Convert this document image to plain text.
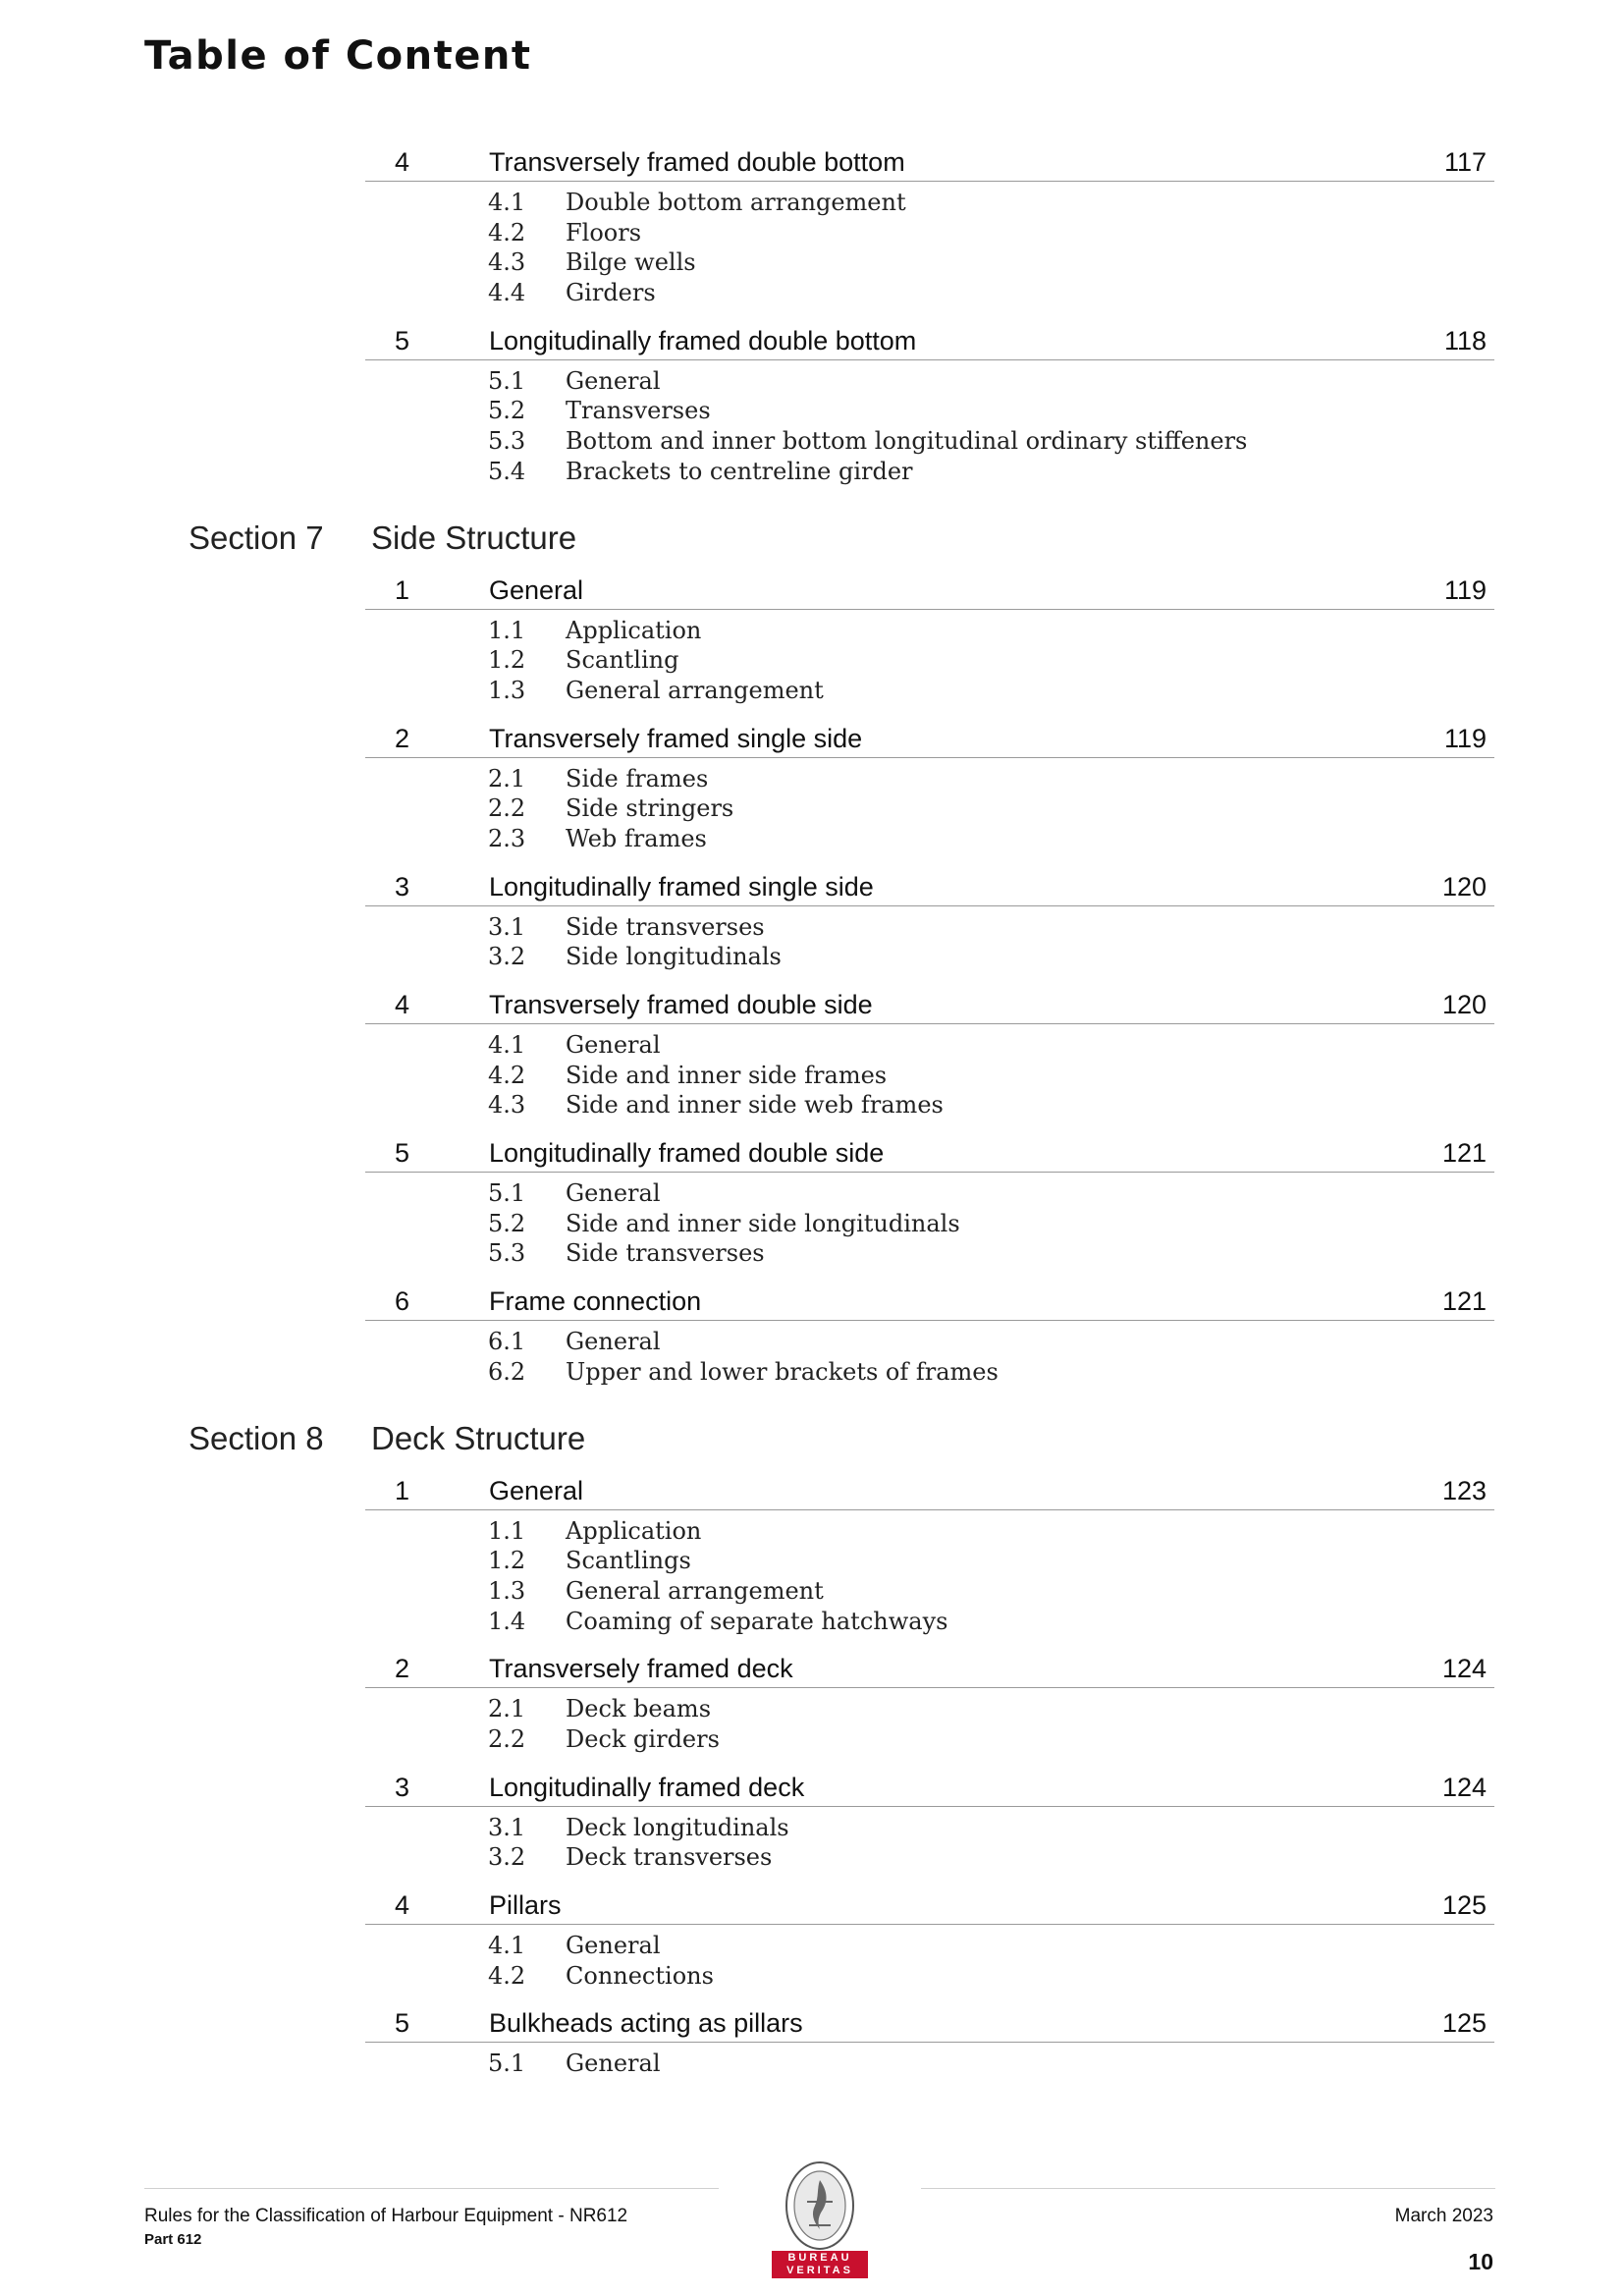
Table of Content
4	Transversely framed double bottom	117
4.1 Double bottom arrangement
4.2 Floors
4.3 Bilge wells
4.4 Girders
5	Longitudinally framed double bottom	118
5.1 General
5.2 Transverses
5.3 Bottom and inner bottom longitudinal ordinary stiffeners
5.4 Brackets to centreline girder
Section 7 Side Structure
1	General	119
1.1 Application
1.2 Scantling
1.3 General arrangement
2	Transversely framed single side	119
2.1 Side frames
2.2 Side stringers
2.3 Web frames
3	Longitudinally framed single side	120
3.1 Side transverses
3.2 Side longitudinals
4	Transversely framed double side	120
4.1 General
4.2 Side and inner side frames
4.3 Side and inner side web frames
5	Longitudinally framed double side	121
5.1 General
5.2 Side and inner side longitudinals
5.3 Side transverses
6	Frame connection	121
6.1 General
6.2 Upper and lower brackets of frames
Section 8 Deck Structure
1	General	123
1.1 Application
1.2 Scantlings
1.3 General arrangement
1.4 Coaming of separate hatchways
2	Transversely framed deck	124
2.1 Deck beams
2.2 Deck girders
3	Longitudinally framed deck	124
3.1 Deck longitudinals
3.2 Deck transverses
4	Pillars	125
4.1 General
4.2 Connections
5	Bulkheads acting as pillars	125
5.1 General
Rules for the Classification of Harbour Equipment - NR612
Part 612
March 2023
10
BUREAU
VERITAS
